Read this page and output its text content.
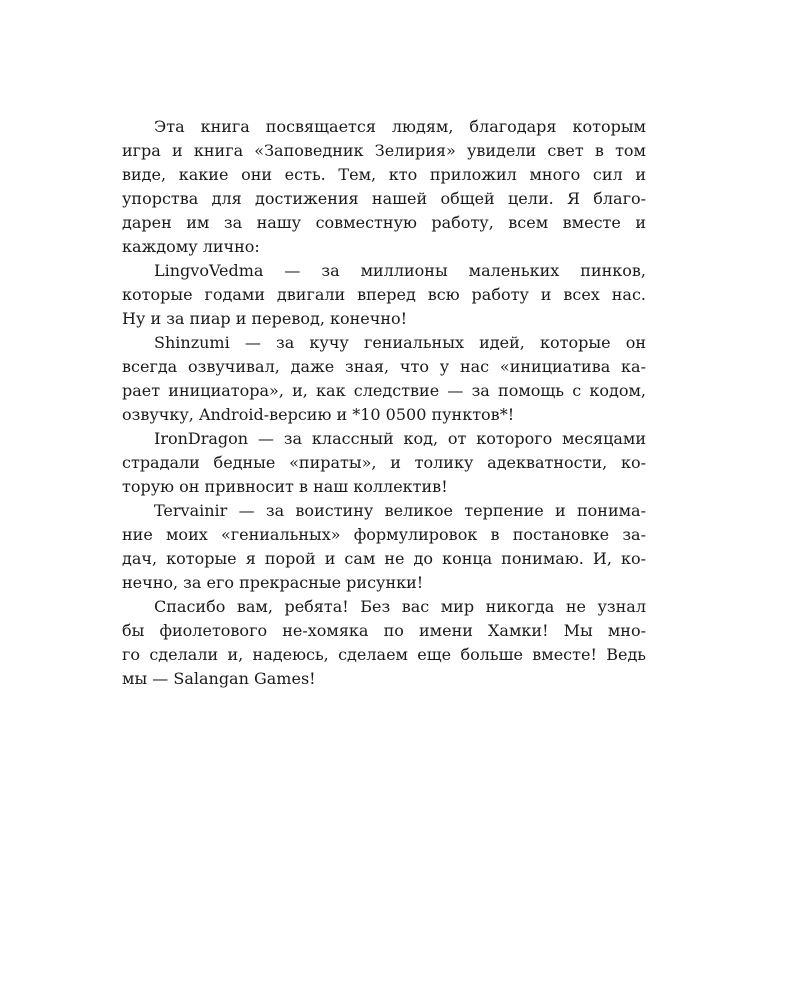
Эта книга посвящается людям, благодаря которым
игра и книга «Заповедник Зелирия» увидели свет в том
виде, какие они есть. Тем, кто приложил много сил и
упорства для достижения нашей общей цели. Я благо-
дарен им за нашу совместную работу, всем вместе и
каждому лично:
LingvoVedma — за миллионы маленьких пинков,
которые годами двигали вперед всю работу и всех нас.
Ну и за пиар и перевод, конечно!
Shinzumi — за кучу гениальных идей, которые он
всегда озвучивал, даже зная, что у нас «инициатива ка-
рает инициатора», и, как следствие — за помощь с кодом,
озвучку, Android-версию и *10 0500 пунктов*!
IronDragon — за классный код, от которого месяцами
страдали бедные «пираты», и толику адекватности, ко-
торую он привносит в наш коллектив!
Tervainir — за воистину великое терпение и понима-
ние моих «гениальных» формулировок в постановке за-
дач, которые я порой и сам не до конца понимаю. И, ко-
нечно, за его прекрасные рисунки!
Спасибо вам, ребята! Без вас мир никогда не узнал
бы фиолетового не-хомяка по имени Хамки! Мы мно-
го сделали и, надеюсь, сделаем еще больше вместе! Ведь
мы — Salangan Games!
